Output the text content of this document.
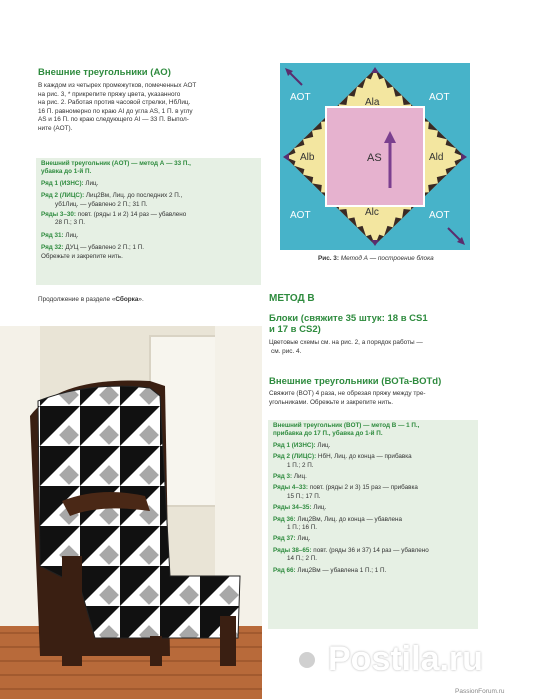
Внешние треугольники (AO)
В каждом из четырех промежутков, помеченных AOT
на рис. 3, * прикрепите пряжу цвета, указанного
на рис. 2. Работая против часовой стрелки, НбЛиц.
16 П. равномерно по краю AI до угла AS, 1 П. в углу
AS и 16 П. по краю следующего AI — 33 П. Выпол-
ните (AOT).
Внешний треугольник (AOT) — метод А — 33 П.,
убавка до 1-й П.
Ряд 1 (ИЗНС): Лиц.
Ряд 2 (ЛИЦС): Лиц2Вм, Лиц. до последних 2 П.,
уб1Лиц. — убавлено 2 П.; 31 П.
Ряды 3–30: повт. (ряды 1 и 2) 14 раз — убавлено
28 П.; 3 П.
Ряд 31: Лиц.
Ряд 32: ДУЦ — убавлено 2 П.; 1 П.
Обрежьте и закрепите нить.
Продолжение в разделе «Сборка».
AOT	AOT
AOT	AOT
Ala
Alb
Alc
Ald
AS
Рис. 3: Метод А — построение блока
МЕТОД В
Блоки (свяжите 35 штук: 18 в CS1
и 17 в CS2)
Цветовые схемы см. на рис. 2, а порядок работы —
см. рис. 4.
Внешние треугольники (BOTa-BOTd)
Свяжите (BOT) 4 раза, не обрезая пряжу между тре-
угольниками. Обрежьте и закрепите нить.
Внешний треугольник (BOT) — метод В — 1 П.,
прибавка до 17 П., убавка до 1-й П.
Ряд 1 (ИЗНС): Лиц.
Ряд 2 (ЛИЦС): НбН, Лиц. до конца — прибавка
1 П.; 2 П.
Ряд 3: Лиц.
Ряды 4–33: повт. (ряды 2 и 3) 15 раз — прибавка
15 П.; 17 П.
Ряды 34–35: Лиц.
Ряд 36: Лиц2Вм, Лиц. до конца — убавлена
1 П.; 16 П.
Ряд 37: Лиц.
Ряды 38–65: повт. (ряды 36 и 37) 14 раз — убавлено
14 П.; 2 П.
Ряд 66: Лиц2Вм — убавлена 1 П.; 1 П.
5
Postila.ru
PassionForum.ru
